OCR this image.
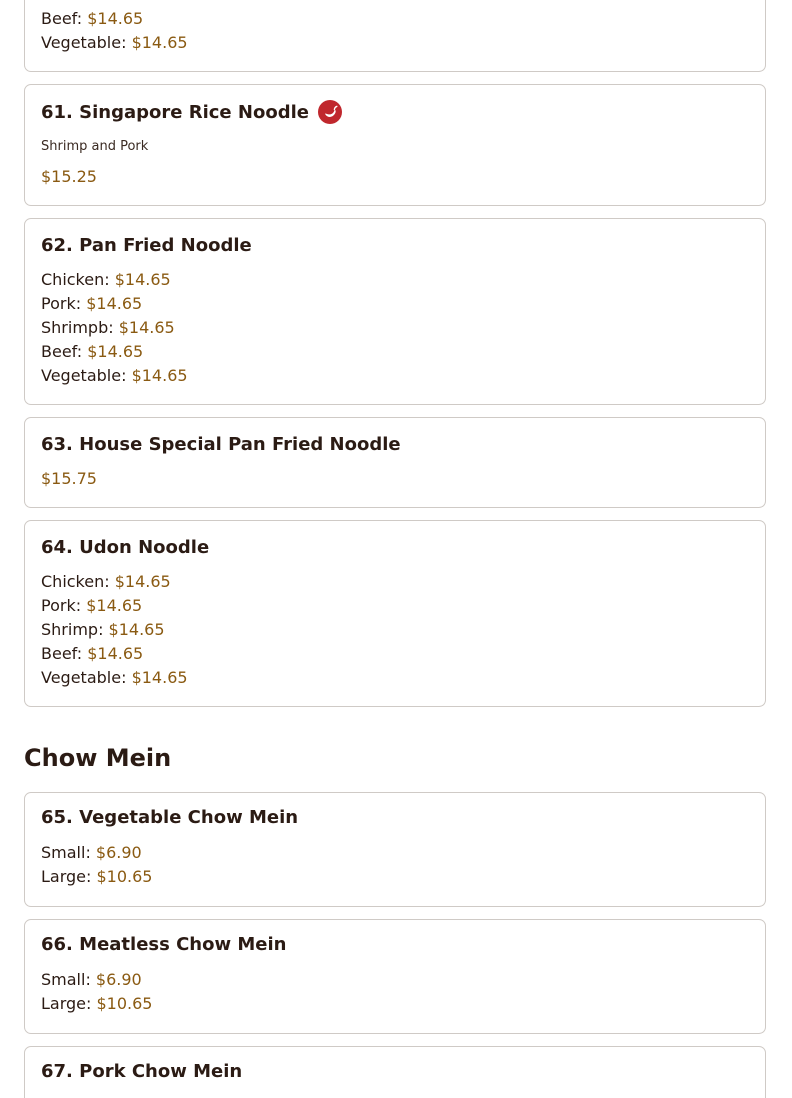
Beef: $14.65
Vegetable: $14.65
61. Singapore Rice Noodle
Shrimp and Pork
$15.25
62. Pan Fried Noodle
Chicken: $14.65
Pork: $14.65
Shrimpb: $14.65
Beef: $14.65
Vegetable: $14.65
63. House Special Pan Fried Noodle
$15.75
64. Udon Noodle
Chicken: $14.65
Pork: $14.65
Shrimp: $14.65
Beef: $14.65
Vegetable: $14.65
Chow Mein
65. Vegetable Chow Mein
Small: $6.90
Large: $10.65
66. Meatless Chow Mein
Small: $6.90
Large: $10.65
67. Pork Chow Mein
